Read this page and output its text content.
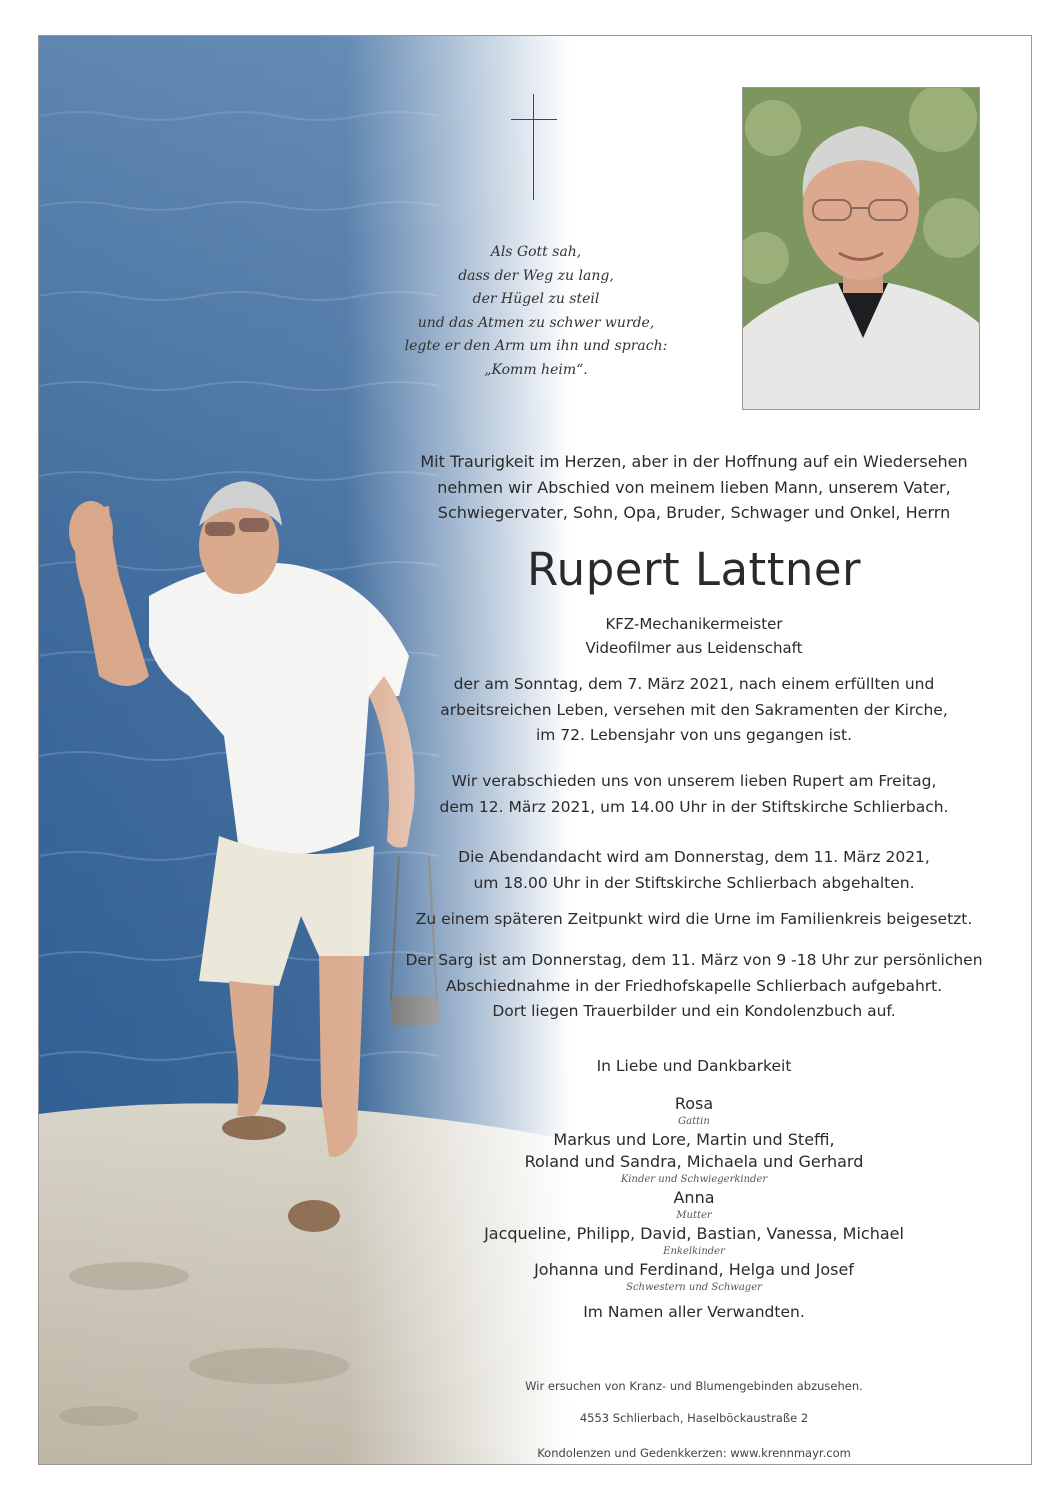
Als Gott sah,
dass der Weg zu lang,
der Hügel zu steil
und das Atmen zu schwer wurde,
legte er den Arm um ihn und sprach:
„Komm heim“.
Mit Traurigkeit im Herzen, aber in der Hoffnung auf ein Wiedersehen
nehmen wir Abschied von meinem lieben Mann, unserem Vater,
Schwiegervater, Sohn, Opa, Bruder, Schwager und Onkel, Herrn
Rupert Lattner
KFZ-Mechanikermeister
Videofilmer aus Leidenschaft
der am Sonntag, dem 7. März 2021, nach einem erfüllten und
arbeitsreichen Leben, versehen mit den Sakramenten der Kirche,
im 72. Lebensjahr von uns gegangen ist.
Wir verabschieden uns von unserem lieben Rupert am Freitag,
dem 12. März 2021, um 14.00 Uhr in der Stiftskirche Schlierbach.
Die Abendandacht wird am Donnerstag, dem 11. März 2021,
um 18.00 Uhr in der Stiftskirche Schlierbach abgehalten.
Zu einem späteren Zeitpunkt wird die Urne im Familienkreis beigesetzt.
Der Sarg ist am Donnerstag, dem 11. März von 9 -18 Uhr zur persönlichen
Abschiednahme in der Friedhofskapelle Schlierbach aufgebahrt.
Dort liegen Trauerbilder und ein Kondolenzbuch auf.
In Liebe und Dankbarkeit
Rosa
Gattin
Markus und Lore, Martin und Steffi,
Roland und Sandra, Michaela und Gerhard
Kinder und Schwiegerkinder
Anna
Mutter
Jacqueline, Philipp, David, Bastian, Vanessa, Michael
Enkelkinder
Johanna und Ferdinand, Helga und Josef
Schwestern und Schwager
Im Namen aller Verwandten.
Wir ersuchen von Kranz- und Blumengebinden abzusehen.
4553 Schlierbach, Haselböckaustraße 2
Kondolenzen und Gedenkkerzen: www.krennmayr.com
